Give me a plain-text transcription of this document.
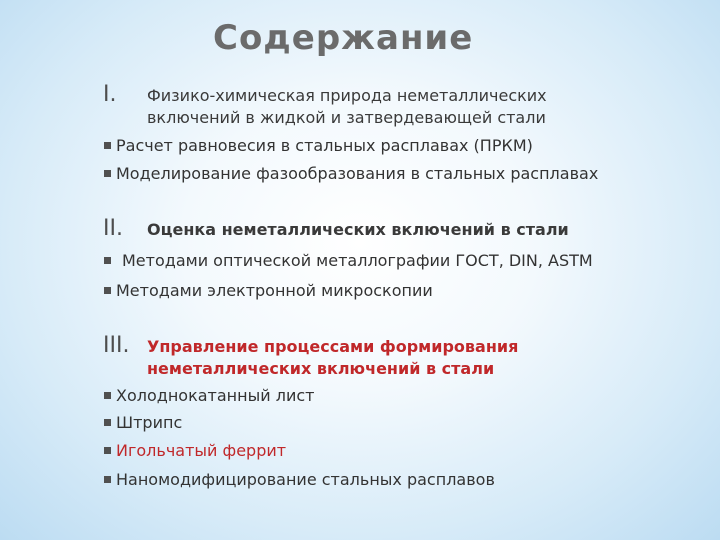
Содержание
I. Физико-химическая природа неметаллических
включений в жидкой и затвердевающей стали
Расчет равновесия в стальных расплавах (ПРКМ)
Моделирование фазообразования в стальных расплавах
II. Оценка неметаллических включений в стали
Методами оптической металлографии ГОСТ, DIN, ASTM
Методами электронной микроскопии
III. Управление процессами формирования
неметаллических включений в стали
Холоднокатанный лист
Штрипс
Игольчатый феррит
Наномодифицирование стальных расплавов
